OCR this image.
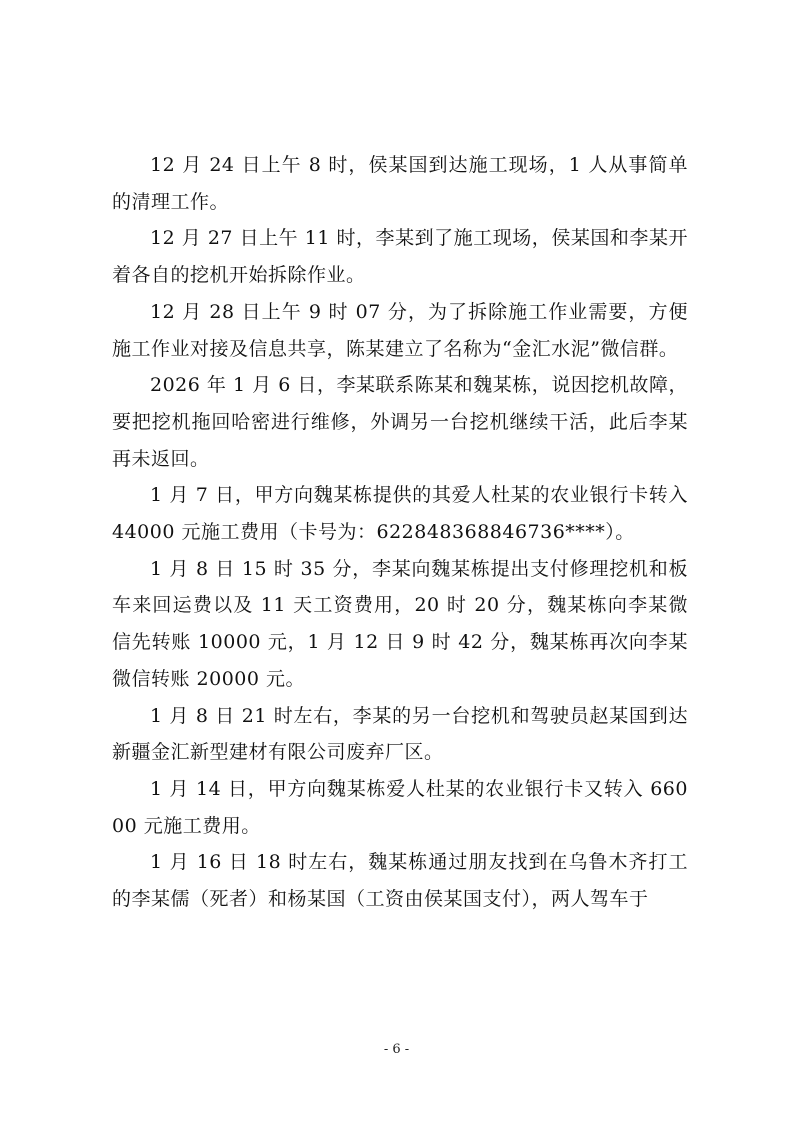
12 月 24 日上午 8 时，侯某国到达施工现场，1 人从事简单的清理工作。

12 月 27 日上午 11 时，李某到了施工现场，侯某国和李某开着各自的挖机开始拆除作业。

12 月 28 日上午 9 时 07 分，为了拆除施工作业需要，方便施工作业对接及信息共享，陈某建立了名称为“金汇水泥”微信群。

2026 年 1 月 6 日，李某联系陈某和魏某栋，说因挖机故障，要把挖机拖回哈密进行维修，外调另一台挖机继续干活，此后李某再未返回。

1 月 7 日，甲方向魏某栋提供的其爱人杜某的农业银行卡转入 44000 元施工费用（卡号为：622848368846736****）。

1 月 8 日 15 时 35 分，李某向魏某栋提出支付修理挖机和板车来回运费以及 11 天工资费用，20 时 20 分，魏某栋向李某微信先转账 10000 元，1 月 12 日 9 时 42 分，魏某栋再次向李某微信转账 20000 元。

1 月 8 日 21 时左右，李某的另一台挖机和驾驶员赵某国到达新疆金汇新型建材有限公司废弃厂区。

1 月 14 日，甲方向魏某栋爱人杜某的农业银行卡又转入 66000 元施工费用。

1 月 16 日 18 时左右，魏某栋通过朋友找到在乌鲁木齐打工的李某儒（死者）和杨某国（工资由侯某国支付），两人驾车于

- 6 -
